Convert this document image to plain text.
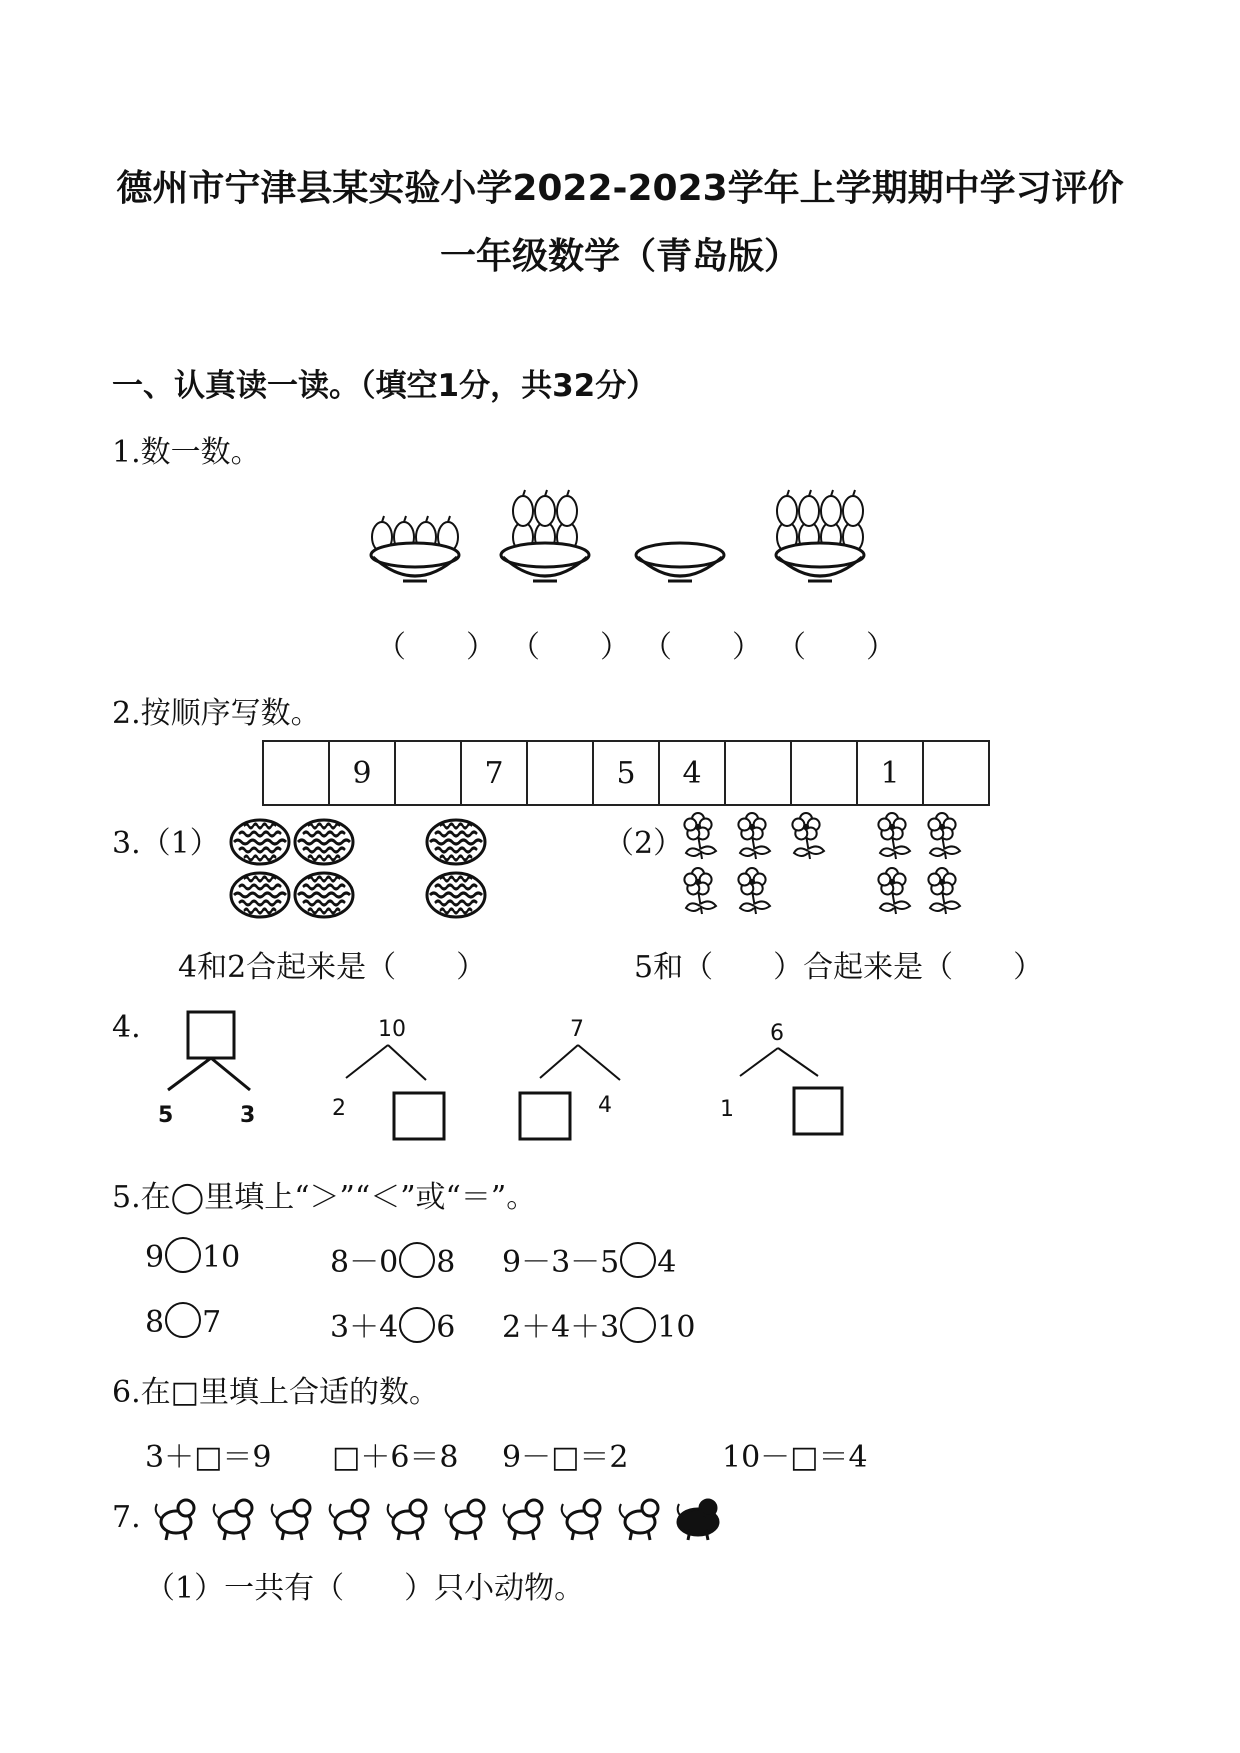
德州市宁津县某实验小学2022-2023学年上学期期中学习评价
一年级数学（青岛版）
一、认真读一读。（填空1分，共32分）
1.数一数。
（　　） （　　） （　　） （　　）
2.按顺序写数。
	9		7		5	4			1	
3.（1）	（2）
4和2合起来是（　　）	5和（　　）合起来是（　　）
4.
5	3
10
2
7
4
6
1
5.在◯里填上“＞”“＜”或“＝”。
9 10	8－0 8 9－3－5 4
8 7	3＋4 6 2＋4＋3 10
6.在□里填上合适的数。
3＋□＝9 □＋6＝8 9－□＝2	10－□＝4
7.
（1）一共有（　　）只小动物。
